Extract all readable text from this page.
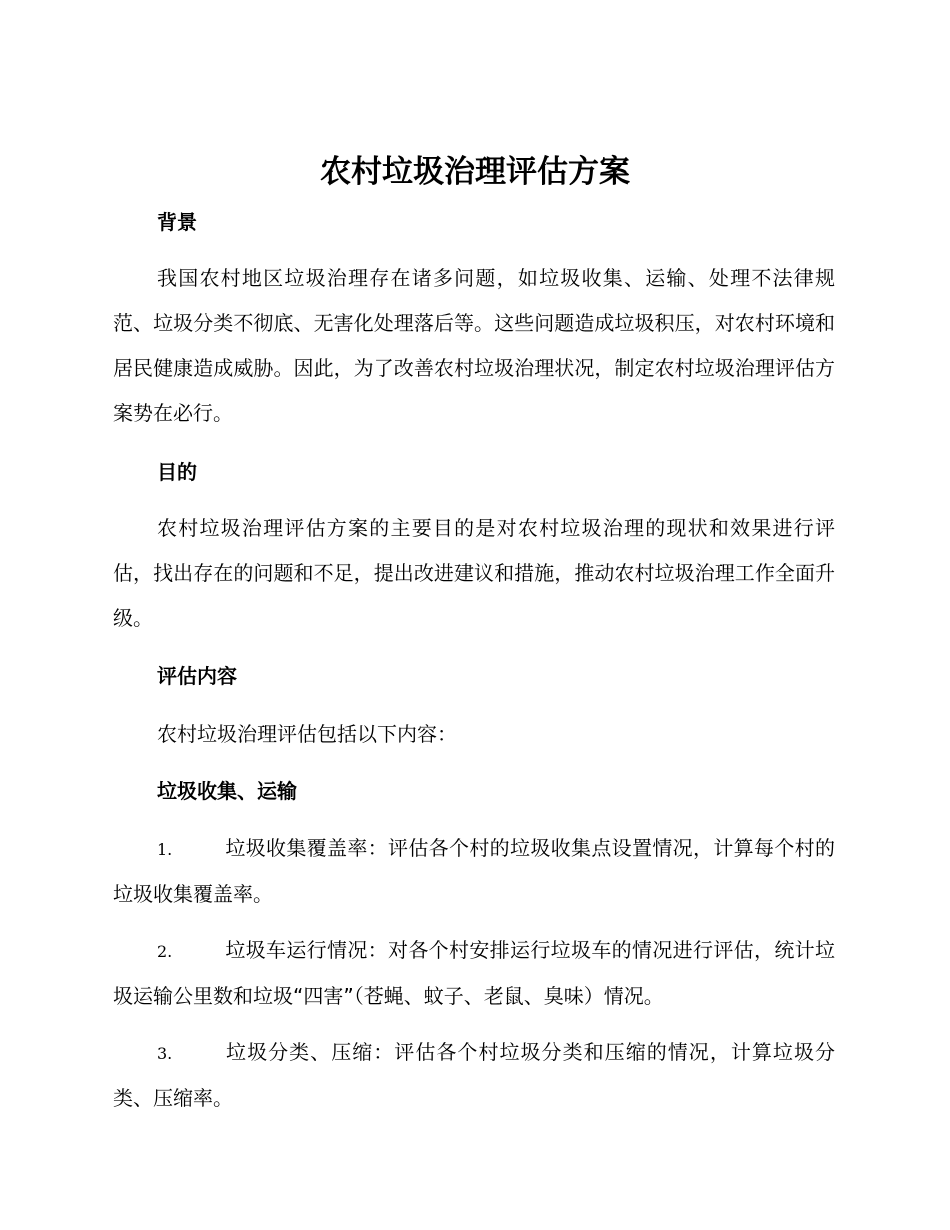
农村垃圾治理评估方案
背景
我国农村地区垃圾治理存在诸多问题，如垃圾收集、运输、处理不法律规范、垃圾分类不彻底、无害化处理落后等。这些问题造成垃圾积压，对农村环境和居民健康造成威胁。因此，为了改善农村垃圾治理状况，制定农村垃圾治理评估方案势在必行。
目的
农村垃圾治理评估方案的主要目的是对农村垃圾治理的现状和效果进行评估，找出存在的问题和不足，提出改进建议和措施，推动农村垃圾治理工作全面升级。
评估内容
农村垃圾治理评估包括以下内容：
垃圾收集、运输
1.	垃圾收集覆盖率：评估各个村的垃圾收集点设置情况，计算每个村的垃圾收集覆盖率。
2.	垃圾车运行情况：对各个村安排运行垃圾车的情况进行评估，统计垃圾运输公里数和垃圾“四害”（苍蝇、蚊子、老鼠、臭味）情况。
3.	垃圾分类、压缩：评估各个村垃圾分类和压缩的情况，计算垃圾分类、压缩率。
